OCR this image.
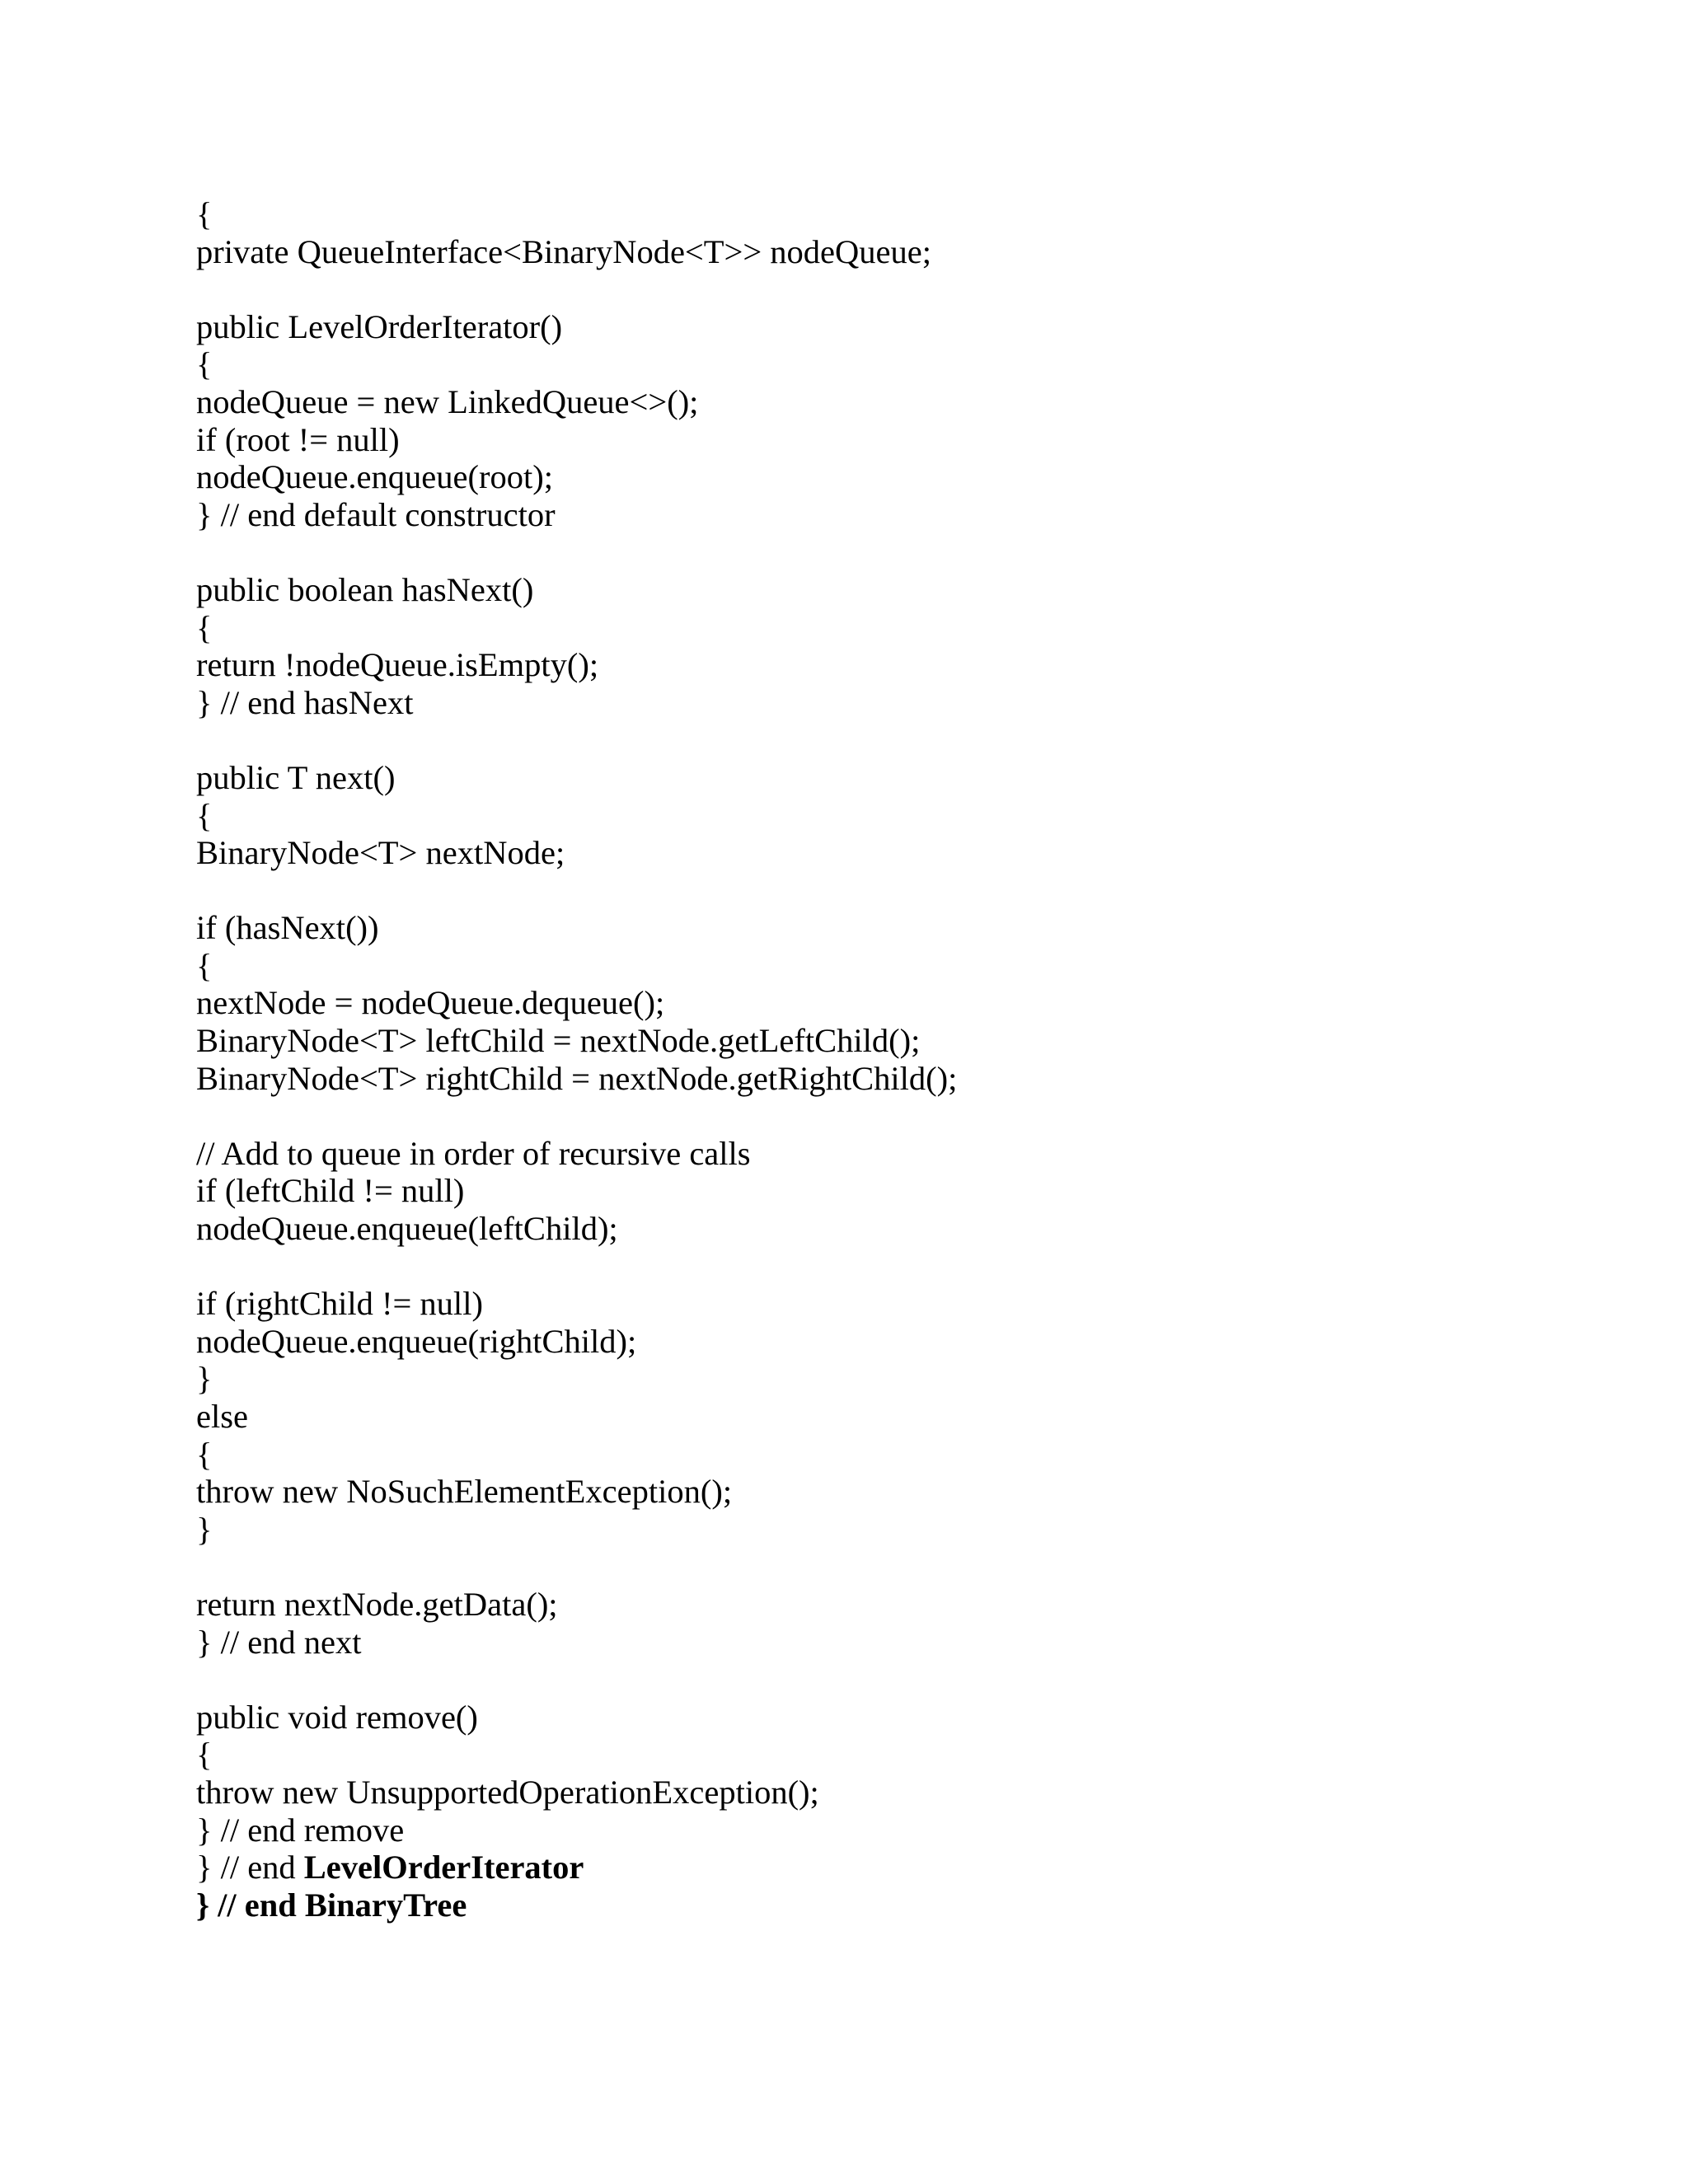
{
private QueueInterface<BinaryNode<T>> nodeQueue;
public LevelOrderIterator()
{
nodeQueue = new LinkedQueue<>();
if (root != null)
nodeQueue.enqueue(root);
} // end default constructor
public boolean hasNext()
{
return !nodeQueue.isEmpty();
} // end hasNext
public T next()
{
BinaryNode<T> nextNode;
if (hasNext())
{
nextNode = nodeQueue.dequeue();
BinaryNode<T> leftChild = nextNode.getLeftChild();
BinaryNode<T> rightChild = nextNode.getRightChild();
// Add to queue in order of recursive calls
if (leftChild != null)
nodeQueue.enqueue(leftChild);
if (rightChild != null)
nodeQueue.enqueue(rightChild);
}
else
{
throw new NoSuchElementException();
}
return nextNode.getData();
} // end next
public void remove()
{
throw new UnsupportedOperationException();
} // end remove
} // end LevelOrderIterator
} // end BinaryTree
